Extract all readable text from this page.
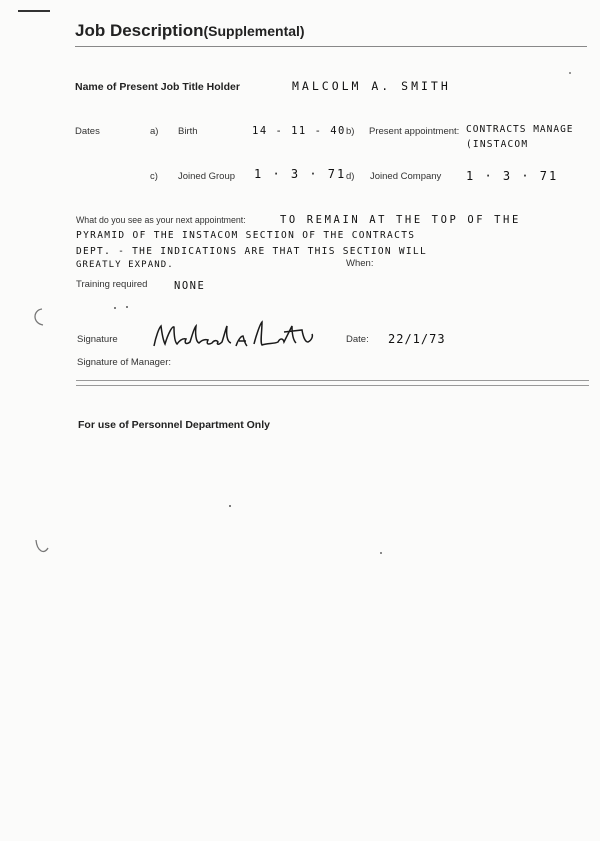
Job Description(Supplemental)
Name of Present Job Title Holder	MALCOLM A. SMITH
Dates	a) Birth	14 - 11 - 40 b) Present appointment: CONTRACTS MANAGE
(INSTACOM
c) Joined Group 1 · 3 · 71 d) Joined Company 1 · 3 · 71
What do you see as your next appointment:	TO REMAIN AT THE TOP OF THE
PYRAMID OF THE INSTACOM SECTION OF THE CONTRACTS
DEPT. - THE INDICATIONS ARE THAT THIS SECTION WILL
GREATLY EXPAND.	When:
Training required	NONE
Signature	Date: 22/1/73
Signature of Manager:
For use of Personnel Department Only
